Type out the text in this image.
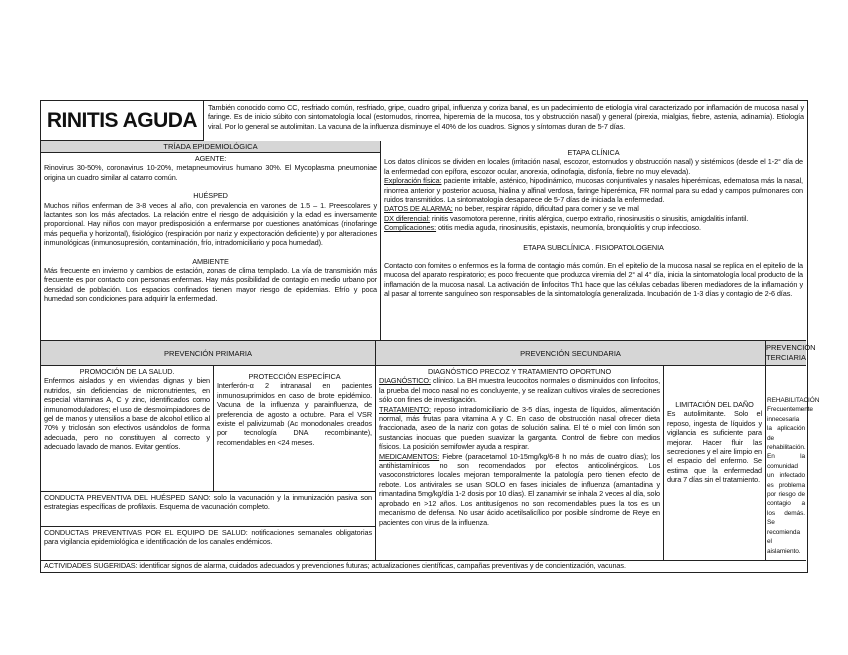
RINITIS AGUDA
También conocido como CC, resfriado común, resfriado, gripe, cuadro gripal, influenza y coriza banal, es un padecimiento de etiología viral caracterizado por inflamación de mucosa nasal y faringe. Es de inicio súbito con sintomatología local (estornudos, rinorrea, hiperemia de la mucosa, tos y obstrucción nasal) y general (pirexia, mialgias, fiebre, astenia, adinamia). Etiología viral. Por lo general se autolimitan. La vacuna de la influenza disminuye el 40% de los cuadros. Signos y síntomas duran de 5-7 días.
TRÍADA EPIDEMIOLÓGICA
AGENTE:
Rinovirus 30-50%, coronavirus 10-20%, metapneumovirus humano 30%. El Mycoplasma pneumoniae origina un cuadro similar al catarro común.
HUÉSPED
Muchos niños enferman de 3-8 veces al año, con prevalencia en varones de 1.5 – 1. Preescolares y lactantes son los más afectados. La relación entre el riesgo de adquisición y la edad es inversamente proporcional. Hay niños con mayor predisposición a enfermarse por cuestiones anatómicas (rinofaringe más pequeña y horizontal), fisiológico (respiración por nariz y expectoración deficiente) y por alteraciones inmunológicas (inmunosupresión, contaminación, frío, intradomiciliario y poca humedad).
AMBIENTE
Más frecuente en invierno y cambios de estación, zonas de clima templado. La vía de transmisión más frecuente es por contacto con personas enfermas. Hay más posibilidad de contagio en medio urbano por densidad de población. Los espacios confinados tienen mayor riesgo de epidemias. Efrío y poca humedad son condiciones para adquirir la enfermedad.
ETAPA CLÍNICA
Los datos clínicos se dividen en locales (irritación nasal, escozor, estornudos y obstrucción nasal) y sistémicos (desde el 1-2° día de la enfermedad con epífora, escozor ocular, anorexia, odinofagia, disfonía, fiebre no muy elevada).
Exploración física: paciente irritable, asténico, hipodinámico, mucosas conjuntivales y nasales hiperémicas, edematosa más la nasal, rinorrea anterior y posterior acuosa, hialina y alfinal verdosa, faringe hiperémica, FR normal para su edad y campos pulmonares con ruidos transmitidos. La sintomatología desaparece de 5-7 días de iniciada la enfermedad.
DATOS DE ALARMA: no beber, respirar rápido, dificultad para comer y se ve mal
DX diferencial: rinitis vasomotora perenne, rinitis alérgica, cuerpo extraño, rinosinusitis o sinusitis, amigdalitis infantil.
Complicaciones: otitis media aguda, rinosinusitis, epistaxis, neumonía, bronquiolitis y crup infeccioso.
ETAPA SUBCLÍNICA . FISIOPATOLOGENIA
Contacto con fomites o enfermos es la forma de contagio más común. En el epitelio de la mucosa nasal se replica en el epitelio de la mucosa del aparato respiratorio; es poco frecuente que produzca viremia del 2° al 4° día, inicia la sintomatología local producto de la inflamación de la mucosa nasal. La activación de linfocitos Th1 hace que las células cebadas liberen mediadores de la inflamación y al pasar al torrente sanguíneo son responsables de la sintomatología generalizada. Incubación de 1-3 días y contagio de 2-6 días.
PREVENCIÓN PRIMARIA	PREVENCIÓN SECUNDARIA
PREVENCIÓN TERCIARIA
PROMOCIÓN DE LA SALUD.
Enfermos aislados y en viviendas dignas y bien nutridos, sin deficiencias de micronutrientes, en especial vitaminas A, C y zinc, identificados como inmunomoduladores; el uso de desmoimpiadores de gel de manos y utensilios a base de alcohol etílico al 70% y triclosán son efectivos usándolos de forma adecuada, pero no constituyen al correcto y adecuado lavado de manos. Evitar gentíos.
PROTECCIÓN ESPECÍFICA
Interferón-α 2 intranasal en pacientes inmunosuprimidos en caso de brote epidémico. Vacuna de la influenza y parainfluenza, de preferencia de agosto a octubre. Para el VSR existe el palivizumab (Ac monodonales creados por tecnología DNA recombinante), recomendables en <24 meses.
CONDUCTA PREVENTIVA DEL HUÉSPED SANO: solo la vacunación y la inmunización pasiva son estrategias específicas de profilaxis. Esquema de vacunación completo.
CONDUCTAS PREVENTIVAS POR EL EQUIPO DE SALUD: notificaciones semanales obligatorias para vigilancia epidemiológica e identificación de los canales endémicos.
DIAGNÓSTICO PRECOZ Y TRATAMIENTO OPORTUNO
DIAGNÓSTICO: clínico. La BH muestra leucocitos normales o disminuidos con linfocitos, la prueba del moco nasal no es concluyente, y se realizan cultivos virales de secreciones sólo con fines de investigación.
TRATAMIENTO: reposo intradomiciliario de 3-5 días, ingesta de líquidos, alimentación normal, más frutas para vitamina A y C. En caso de obstrucción nasal ofrecer dieta fraccionada, aseo de la nariz con gotas de solución salina. El té o miel con limón son sustancias inocuas que pueden suavizar la garganta. Control de fiebre con medios físicos. La posición semifowler ayuda a respirar.
MEDICAMENTOS: Fiebre (paracetamol 10-15mg/kg/6-8 h no más de cuatro días); los antihistamínicos no son recomendados por efectos anticolinérgicos. Los vasoconstrictores locales mejoran temporalmente la patología pero tienen efecto de rebote. Los antivirales se usan SOLO en fases iniciales de influenza (amantadina y rimantadina 5mg/kg/día 1-2 dosis por 10 días). El zanamivir se inhala 2 veces al día, solo aprobado en >12 años. Los antitusígenos no son recomendables pues la tos es un mecanismo de defensa. No usar ácido acetilsalicílico por posible síndrome de Reye en pacientes con virus de la influenza.
LIMITACIÓN DEL DAÑO
Es autolimitante. Solo el reposo, ingesta de líquidos y vigilancia es suficiente para mejorar. Hacer fluir las secreciones y el aire limpio en el espacio del enfermo. Se estima que la enfermedad dura 7 días sin el tratamiento.
REHABILITACIÓN
Frecuentemente innecesaria la aplicación de rehabilitación. En la comunidad un infectado es problema por riesgo de contagio a los demás. Se recomienda el aislamiento.
ACTIVIDADES SUGERIDAS: identificar signos de alarma, cuidados adecuados y prevenciones futuras; actualizaciones científicas, campañas preventivas y de concientización, vacunas.
